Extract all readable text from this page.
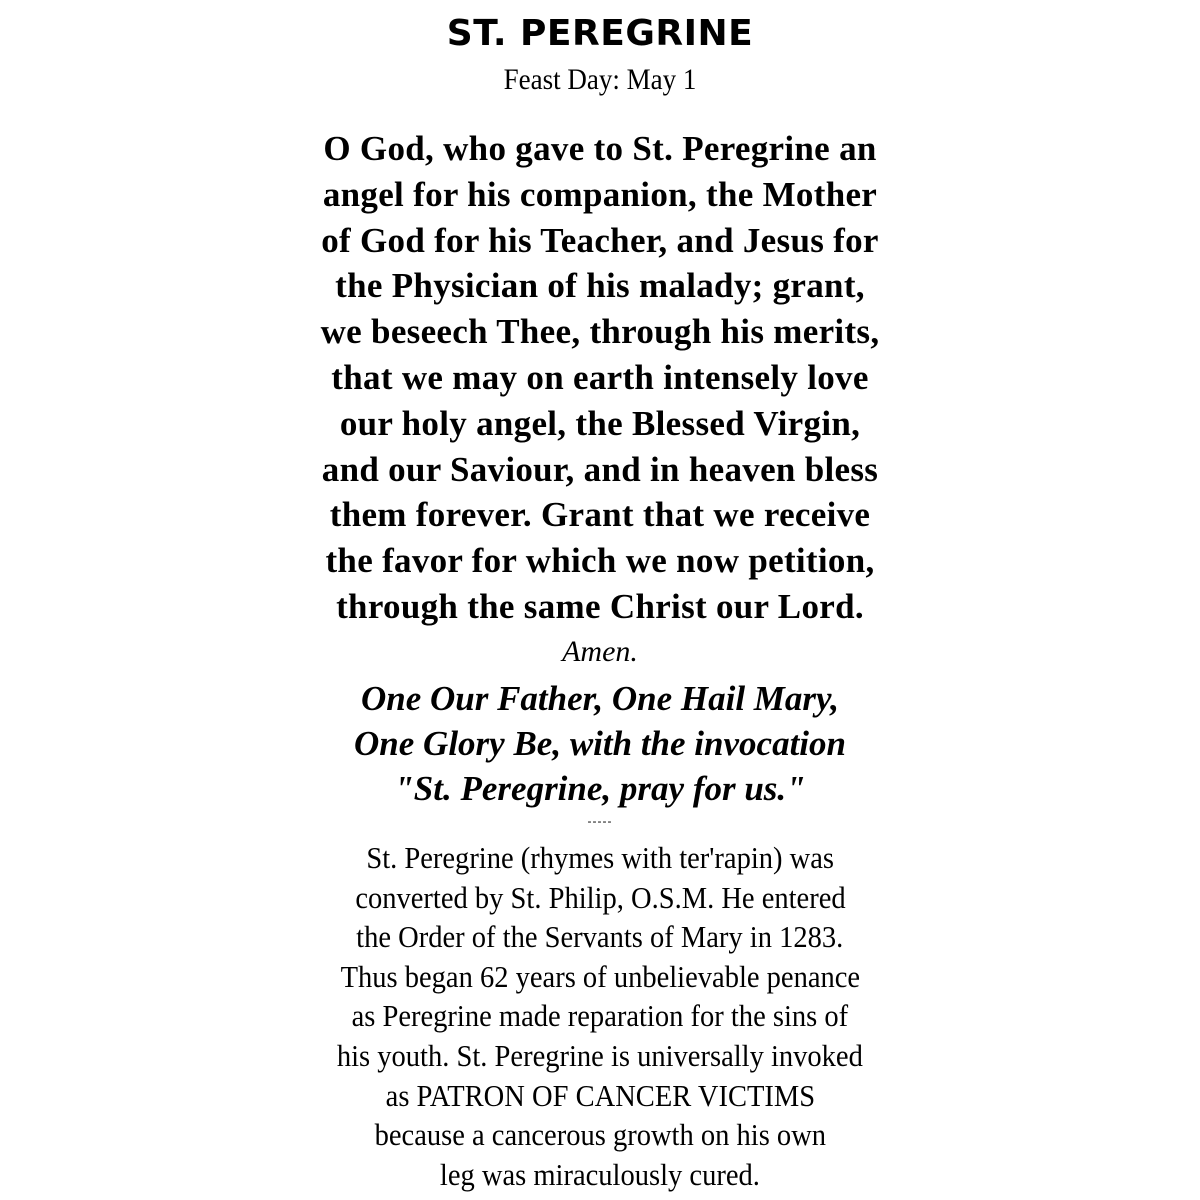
ST. PEREGRINE
Feast Day: May 1
O God, who gave to St. Peregrine an
angel for his companion, the Mother
of God for his Teacher, and Jesus for
the Physician of his malady; grant,
we beseech Thee, through his merits,
that we may on earth intensely love
our holy angel, the Blessed Virgin,
and our Saviour, and in heaven bless
them forever. Grant that we receive
the favor for which we now petition,
through the same Christ our Lord.
Amen.
One Our Father, One Hail Mary,
One Glory Be, with the invocation
"St. Peregrine, pray for us."
-----
St. Peregrine (rhymes with ter'rapin) was
converted by St. Philip, O.S.M. He entered
the Order of the Servants of Mary in 1283.
Thus began 62 years of unbelievable penance
as Peregrine made reparation for the sins of
his youth. St. Peregrine is universally invoked
as PATRON OF CANCER VICTIMS
because a cancerous growth on his own
leg was miraculously cured.
